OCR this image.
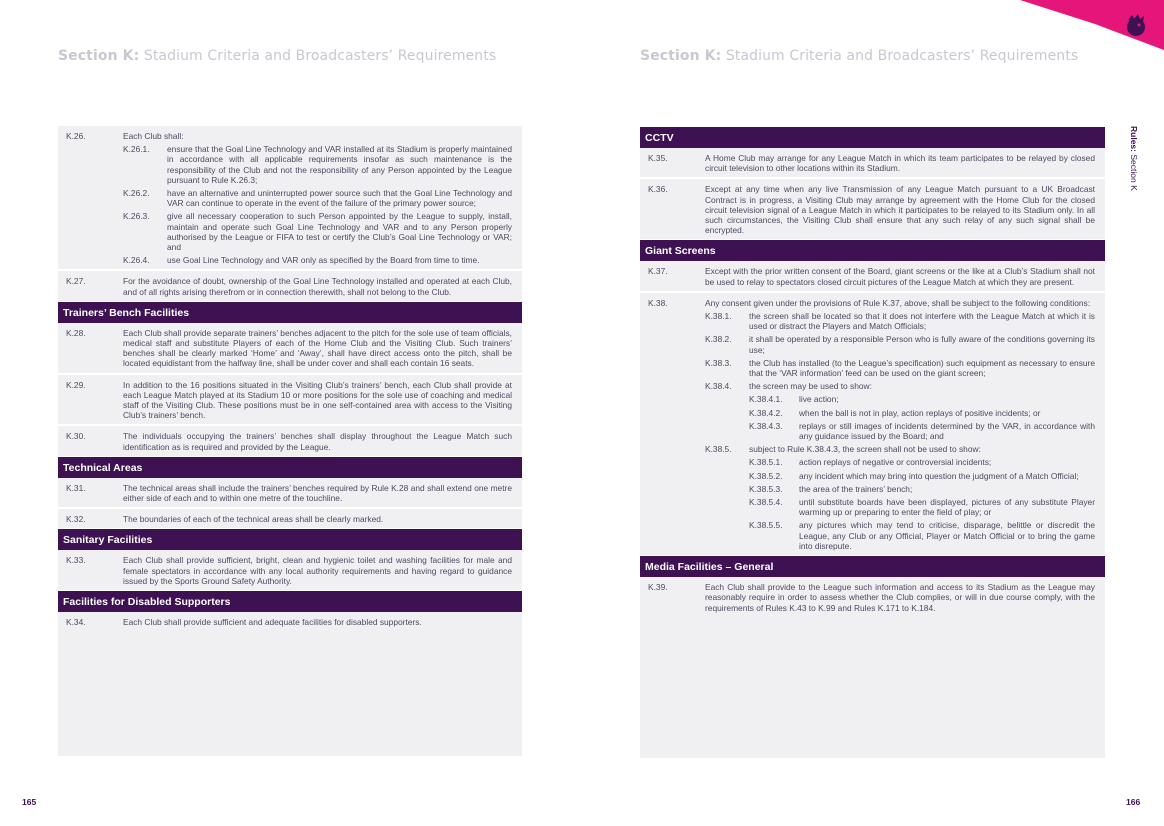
Section K: Stadium Criteria and Broadcasters’ Requirements	Section K: Stadium Criteria and Broadcasters’ Requirements
Rules: Section K
K.26.	Each Club shall:
K.26.1. ensure that the Goal Line Technology and VAR installed at its Stadium is properly maintained in accordance with all applicable requirements insofar as such maintenance is the responsibility of the Club and not the responsibility of any Person appointed by the League pursuant to Rule K.26.3;
K.26.2. have an alternative and uninterrupted power source such that the Goal Line Technology and VAR can continue to operate in the event of the failure of the primary power source;
K.26.3. give all necessary cooperation to such Person appointed by the League to supply, install, maintain and operate such Goal Line Technology and VAR and to any Person properly authorised by the League or FIFA to test or certify the Club’s Goal Line Technology or VAR; and
K.26.4. use Goal Line Technology and VAR only as specified by the Board from time to time.
K.27.	For the avoidance of doubt, ownership of the Goal Line Technology installed and operated at each Club, and of all rights arising therefrom or in connection therewith, shall not belong to the Club.
Trainers’ Bench Facilities
K.28.	Each Club shall provide separate trainers’ benches adjacent to the pitch for the sole use of team officials, medical staff and substitute Players of each of the Home Club and the Visiting Club. Such trainers’ benches shall be clearly marked ‘Home’ and ‘Away’, shall have direct access onto the pitch, shall be located equidistant from the halfway line, shall be under cover and shall each contain 16 seats.
K.29.	In addition to the 16 positions situated in the Visiting Club’s trainers’ bench, each Club shall provide at each League Match played at its Stadium 10 or more positions for the sole use of coaching and medical staff of the Visiting Club. These positions must be in one self-contained area with access to the Visiting Club’s trainers’ bench.
K.30.	The individuals occupying the trainers’ benches shall display throughout the League Match such identification as is required and provided by the League.
Technical Areas
K.31.	The technical areas shall include the trainers’ benches required by Rule K.28 and shall extend one metre either side of each and to within one metre of the touchline.
K.32.	The boundaries of each of the technical areas shall be clearly marked.
Sanitary Facilities
K.33.	Each Club shall provide sufficient, bright, clean and hygienic toilet and washing facilities for male and female spectators in accordance with any local authority requirements and having regard to guidance issued by the Sports Ground Safety Authority.
Facilities for Disabled Supporters
K.34.	Each Club shall provide sufficient and adequate facilities for disabled supporters.
CCTV
K.35.	A Home Club may arrange for any League Match in which its team participates to be relayed by closed circuit television to other locations within its Stadium.
K.36.	Except at any time when any live Transmission of any League Match pursuant to a UK Broadcast Contract is in progress, a Visiting Club may arrange by agreement with the Home Club for the closed circuit television signal of a League Match in which it participates to be relayed to its Stadium only. In all such circumstances, the Visiting Club shall ensure that any such relay of any such signal shall be encrypted.
Giant Screens
K.37.	Except with the prior written consent of the Board, giant screens or the like at a Club’s Stadium shall not be used to relay to spectators closed circuit pictures of the League Match at which they are present.
K.38.	Any consent given under the provisions of Rule K.37, above, shall be subject to the following conditions:
K.38.1. the screen shall be located so that it does not interfere with the League Match at which it is used or distract the Players and Match Officials;
K.38.2. it shall be operated by a responsible Person who is fully aware of the conditions governing its use;
K.38.3. the Club has installed (to the League’s specification) such equipment as necessary to ensure that the ‘VAR information’ feed can be used on the giant screen;
K.38.4. the screen may be used to show:
K.38.4.1. live action;
K.38.4.2. when the ball is not in play, action replays of positive incidents; or
K.38.4.3. replays or still images of incidents determined by the VAR, in accordance with any guidance issued by the Board; and
K.38.5. subject to Rule K.38.4.3, the screen shall not be used to show:
K.38.5.1. action replays of negative or controversial incidents;
K.38.5.2. any incident which may bring into question the judgment of a Match Official;
K.38.5.3. the area of the trainers’ bench;
K.38.5.4. until substitute boards have been displayed, pictures of any substitute Player warming up or preparing to enter the field of play; or
K.38.5.5. any pictures which may tend to criticise, disparage, belittle or discredit the League, any Club or any Official, Player or Match Official or to bring the game into disrepute.
Media Facilities – General
K.39.	Each Club shall provide to the League such information and access to its Stadium as the League may reasonably require in order to assess whether the Club complies, or will in due course comply, with the requirements of Rules K.43 to K.99 and Rules K.171 to K.184.
165	166
